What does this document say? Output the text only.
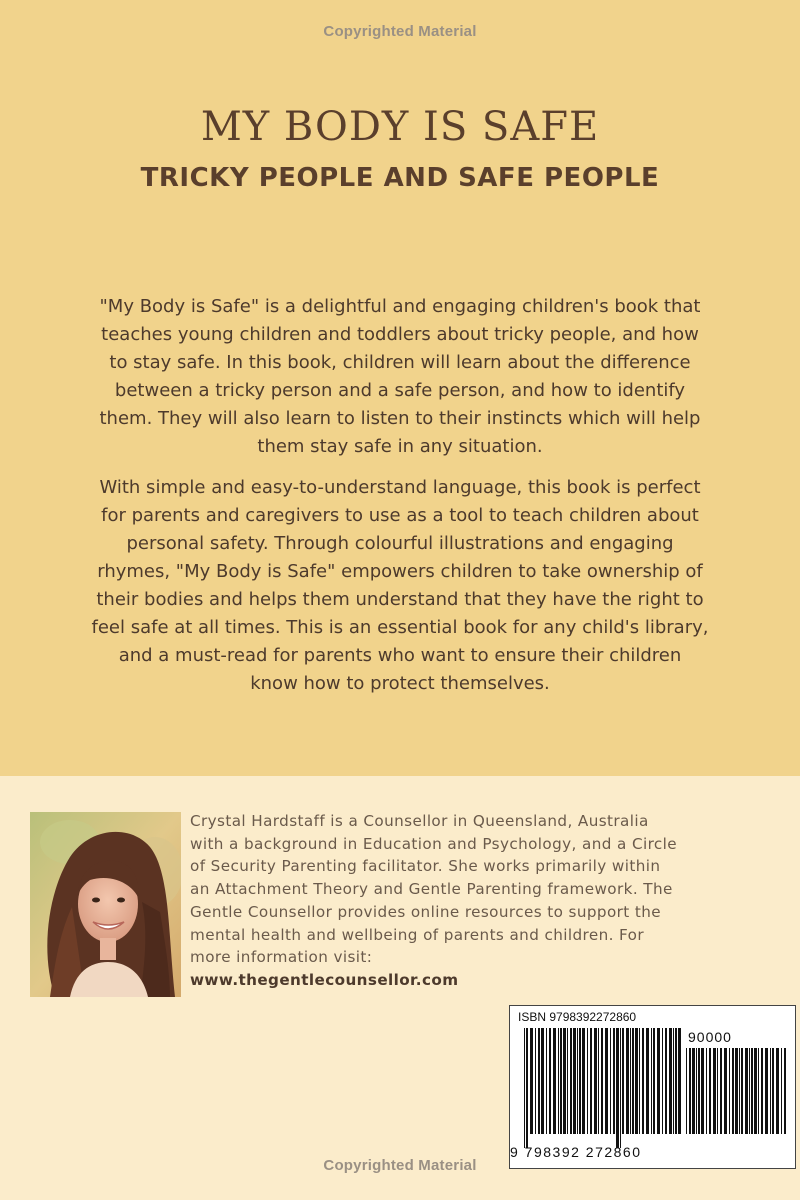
Copyrighted Material
MY BODY IS SAFE
TRICKY PEOPLE AND SAFE PEOPLE
"My Body is Safe" is a delightful and engaging children's book that
teaches young children and toddlers about tricky people, and how
to stay safe. In this book, children will learn about the difference
between a tricky person and a safe person, and how to identify
them. They will also learn to listen to their instincts which will help
them stay safe in any situation.
With simple and easy-to-understand language, this book is perfect
for parents and caregivers to use as a tool to teach children about
personal safety. Through colourful illustrations and engaging
rhymes, "My Body is Safe" empowers children to take ownership of
their bodies and helps them understand that they have the right to
feel safe at all times. This is an essential book for any child's library,
and a must-read for parents who want to ensure their children
know how to protect themselves.
Crystal Hardstaff is a Counsellor in Queensland, Australia
with a background in Education and Psychology, and a Circle
of Security Parenting facilitator. She works primarily within
an Attachment Theory and Gentle Parenting framework. The
Gentle Counsellor provides online resources to support the
mental health and wellbeing of parents and children. For
more information visit:
www.thegentlecounsellor.com
ISBN 9798392272860
90000
9 798392 272860
Copyrighted Material
